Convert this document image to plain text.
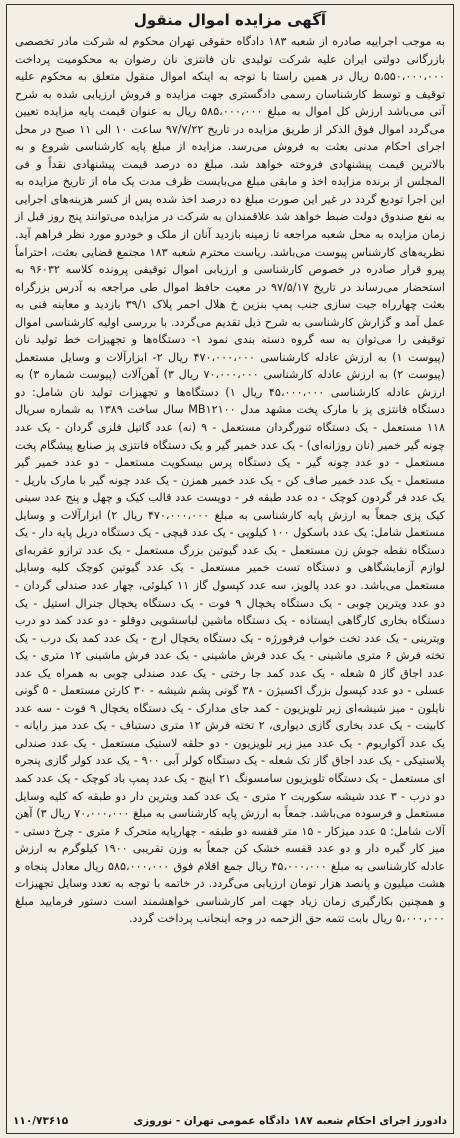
آگهی مزایده اموال منقول
به موجب اجراییه صادره از شعبه ۱۸۳ دادگاه حقوقی تهران محکوم له شرکت مادر تخصصی بازرگانی دولتی ایران علیه شرکت تولیدی نان فانتزی نان رضوان به محکومیت پرداخت ۵،۵۵۰،۰۰۰،۰۰۰ ریال در همین راستا با توجه به اینکه اموال منقول متعلق به محکوم علیه توقیف و توسط کارشناسان رسمی دادگستری جهت مزایده و فروش ارزیابی شده به شرح آتی می‌باشد ارزش کل اموال به مبلغ ۵۸۵،۰۰۰،۰۰۰ ریال به عنوان قیمت پایه مزایده تعیین می‌گردد اموال فوق الذکر از طریق مزایده در تاریخ ۹۷/۷/۲۲ ساعت ۱۰ الی ۱۱ صبح در محل اجرای احکام مدنی بعثت به فروش می‌رسد. مزایده از مبلغ پایه کارشناسی شروع و به بالاترین قیمت پیشنهادی فروخته خواهد شد. مبلغ ده درصد قیمت پیشنهادی نقداً و فی المجلس از برنده مزایده اخذ و مابقی مبلغ می‌بایست ظرف مدت یک ماه از تاریخ مزایده به این اجرا تودیع گردد در غیر این صورت مبلغ ده درصد اخذ شده پس از کسر هزینه‌های اجرایی به نفع صندوق دولت ضبط خواهد شد علاقمندان به شرکت در مزایده می‌توانند پنج روز قبل از زمان مزایده به محل شعبه مراجعه تا زمینه بازدید آنان از ملک و خودرو مورد نظر فراهم آید. نظریه‌های کارشناس پیوست می‌باشد. ریاست محترم شعبه ۱۸۳ مجتمع قضایی بعثت، احتراماً پیرو قرار صادره در خصوص کارشناسی و ارزیابی اموال توقیفی پرونده کلاسه ۹۶۰۳۲ به استحضار می‌رساند در تاریخ ۹۷/۵/۱۷ در معیت حافظ اموال طی مراجعه به آدرس بزرگراه بعثت چهارراه جیت سازی جنب پمپ بنزین خ هلال احمر پلاک ۳۹/۱ بازدید و معاینه فنی به عمل آمد و گزارش کارشناسی به شرح ذیل تقدیم می‌گردد. با بررسی اولیه کارشناسی اموال توقیفی را می‌توان به سه گروه دسته بندی نمود ۱- دستگاه‌ها و تجهیزات خط تولید نان (پیوست ۱) به ارزش عادله کارشناسی ۴۷۰،۰۰۰،۰۰۰ ریال ۲- ابزارآلات و وسایل مستعمل (پیوست ۲) به ارزش عادله کارشناسی ۷۰،۰۰۰،۰۰۰ ریال ۳) آهن‌آلات (پیوست شماره ۳) به ارزش عادله کارشناسی ۴۵،۰۰۰،۰۰۰ ریال ۱) دستگاه‌ها و تجهیزات تولید نان شامل: دو دستگاه فانتزی پز با مارک پخت مشهد مدل MB۱۲۱۰۰ سال ساخت ۱۳۸۹ به شماره سریال ۱۱۸ مستعمل - یک دستگاه تنورگردان مستعمل - ۹ (نه) عدد گاتیل فلزی گردان - یک عدد چونه گیر خمیر (نان روزانه‌ای) - یک عدد خمیر گیر و یک دستگاه فانتزی پز صنایع پیشگام پخت مستعمل - دو عدد چونه گیر - یک دستگاه پرس بیسکویت مستعمل - دو عدد خمیر گیر مستعمل - یک عدد خمیر صاف کن - یک عدد خمیر همزن - یک عدد چونه گیر با مارک باریل - یک عدد فر گردون کوچک - ده عدد طبقه فر - دویست عدد قالب کیک و چهل و پنج عدد سینی کیک پزی جمعاً به ارزش پایه کارشناسی به مبلغ ۴۷۰،۰۰۰،۰۰۰ ریال ۲) ابزارآلات و وسایل مستعمل شامل: یک عدد باسکول ۱۰۰ کیلویی - یک عدد قیچی - یک دستگاه دریل پایه دار - یک دستگاه نقطه جوش زن مستعمل - یک عدد گیوتین بزرگ مستعمل - یک عدد ترازو عقربه‌ای لوازم آزمایشگاهی و دستگاه تست خمیر مستعمل - یک عدد گیوتین کوچک کلیه وسایل مستعمل می‌باشد. دو عدد پالویز، سه عدد کپسول گاز ۱۱ کیلوئی، چهار عدد صندلی گردان - دو عدد ویترین چوبی - یک دستگاه یخچال ۹ فوت - یک دستگاه یخچال جنرال استیل - یک دستگاه بخاری کارگاهی ایستاده - یک دستگاه ماشین لباسشویی دوقلو - دو عدد کمد دو درب ویترینی - یک عدد تخت خواب فرفورژه - یک دستگاه یخچال ارج - یک عدد کمد یک درب - یک تخته فرش ۶ متری ماشینی - یک عدد فرش ماشینی - یک عدد فرش ماشینی ۱۲ متری - یک عدد اجاق گاز ۵ شعله - یک عدد کمد جا رختی - یک عدد صندلی چوبی به همراه یک عدد عسلی - دو عدد کپسول بزرگ اکسیژن - ۳۸ گونی پشم شیشه - ۳۰ کارتن مستعمل - ۵ گونی نایلون - میز شیشه‌ای زیر تلویزیون - کمد جای مدارک - یک دستگاه یخچال ۹ فوت - سه عدد کابینت - یک عدد بخاری گازی دیواری، ۲ تخته فرش ۱۲ متری دستباف - یک عدد میز رایانه - یک عدد آکواریوم - یک عدد میز زیر تلویزیون - دو حلقه لاستیک مستعمل - یک عدد صندلی پلاستیکی - یک عدد اجاق گاز تک شعله - یک دستگاه کولر آبی ۹۰۰ - یک عدد کولر گازی پنجره ای مستعمل - یک دستگاه تلویزیون سامسونگ ۲۱ اینچ - یک عدد پمپ باد کوچک - یک عدد کمد دو درب - ۳ عدد شیشه سکوریت ۲ متری - یک عدد کمد ویترین دار دو طبقه که کلیه وسایل مستعمل و فرسوده می‌باشد. جمعاً به ارزش پایه کارشناسی به مبلغ ۷۰،۰۰۰،۰۰۰ ریال ۳) آهن آلات شامل: ۵ عدد میزکار - ۱۵ متر قفسه دو طبقه - چهارپایه متحرک ۶ متری - چرخ دستی - میز کار گیره دار و دو عدد قفسه خشک کن جمعاً به وزن تقریبی ۱۹۰۰ کیلوگرم به ارزش عادله کارشناسی به مبلغ ۴۵،۰۰۰،۰۰۰ ریال جمع اقلام فوق ۵۸۵،۰۰۰،۰۰۰ ریال معادل پنجاه و هشت میلیون و پانصد هزار تومان ارزیابی می‌گردد. در خاتمه با توجه به تعدد وسایل تجهیزات و همچنین بکارگیری زمان زیاد جهت امر کارشناسی خواهشمند است دستور فرمایید مبلغ ۵،۰۰۰،۰۰۰ ریال بابت تتمه حق الزحمه در وجه اینجانب پرداخت گردد.
۱۱۰/۷۳۶۱۵	دادورز اجرای احکام شعبه ۱۸۷ دادگاه عمومی تهران - نوروزی
